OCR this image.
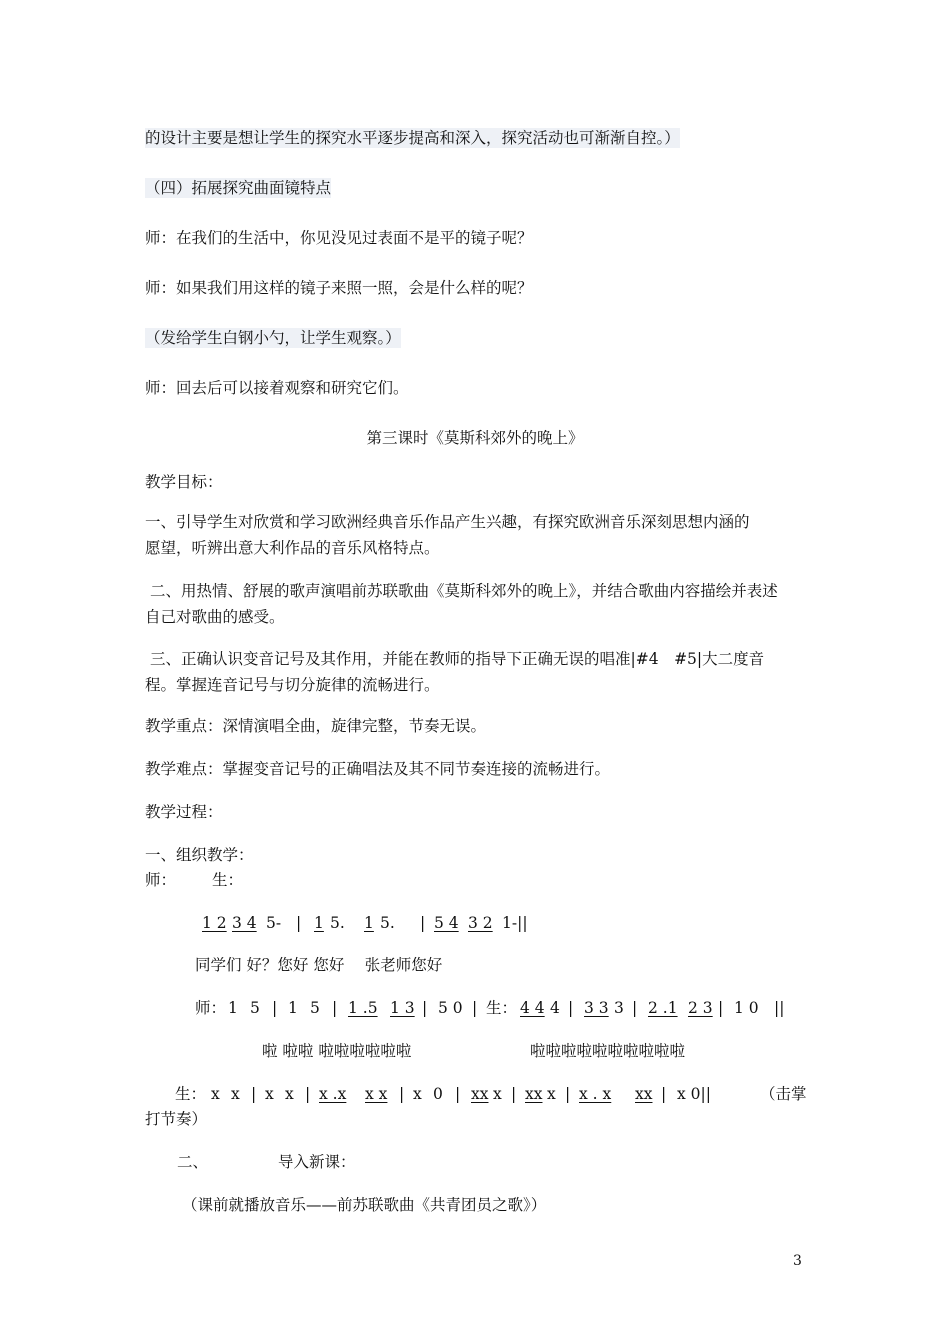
的设计主要是想让学生的探究水平逐步提高和深入，探究活动也可渐渐自控。）
（四）拓展探究曲面镜特点
师：在我们的生活中，你见没见过表面不是平的镜子呢？
师：如果我们用这样的镜子来照一照，会是什么样的呢？
（发给学生白钢小勺，让学生观察。）
师：回去后可以接着观察和研究它们。
第三课时《莫斯科郊外的晚上》
教学目标：
一、引导学生对欣赏和学习欧洲经典音乐作品产生兴趣，有探究欧洲音乐深刻思想内涵的
愿望，听辨出意大利作品的音乐风格特点。
二、用热情、舒展的歌声演唱前苏联歌曲《莫斯科郊外的晚上》，并结合歌曲内容描绘并表述
自己对歌曲的感受。
三、正确认识变音记号及其作用，并能在教师的指导下正确无误的唱准|#4　#5|大二度音
程。掌握连音记号与切分旋律的流畅进行。
教学重点：深情演唱全曲，旋律完整，节奏无误。
教学难点：掌握变音记号的正确唱法及其不同节奏连接的流畅进行。
教学过程：
一、组织教学：
师： 生：
1 2 3 4 5- | 1 5. 1 5. | 5 4 3 2 1-||
同学们 好？您好 您好　 张老师您好
师： 1 5 | 1 5 | 1 .5 1 3 | 5 0 | 生： 4 4 4 | 3 3 3 | 2 .1 2 3 | 1 0 ||
啦 啦啦 啦啦啦啦啦啦	啦啦啦啦啦啦啦啦啦啦
生： x x | x x | x .x x x | x 0 | xx x | xx x | x . x xx | x 0||	（击掌
打节奏）
二、	导入新课：
（课前就播放音乐——前苏联歌曲《共青团员之歌》）
3
